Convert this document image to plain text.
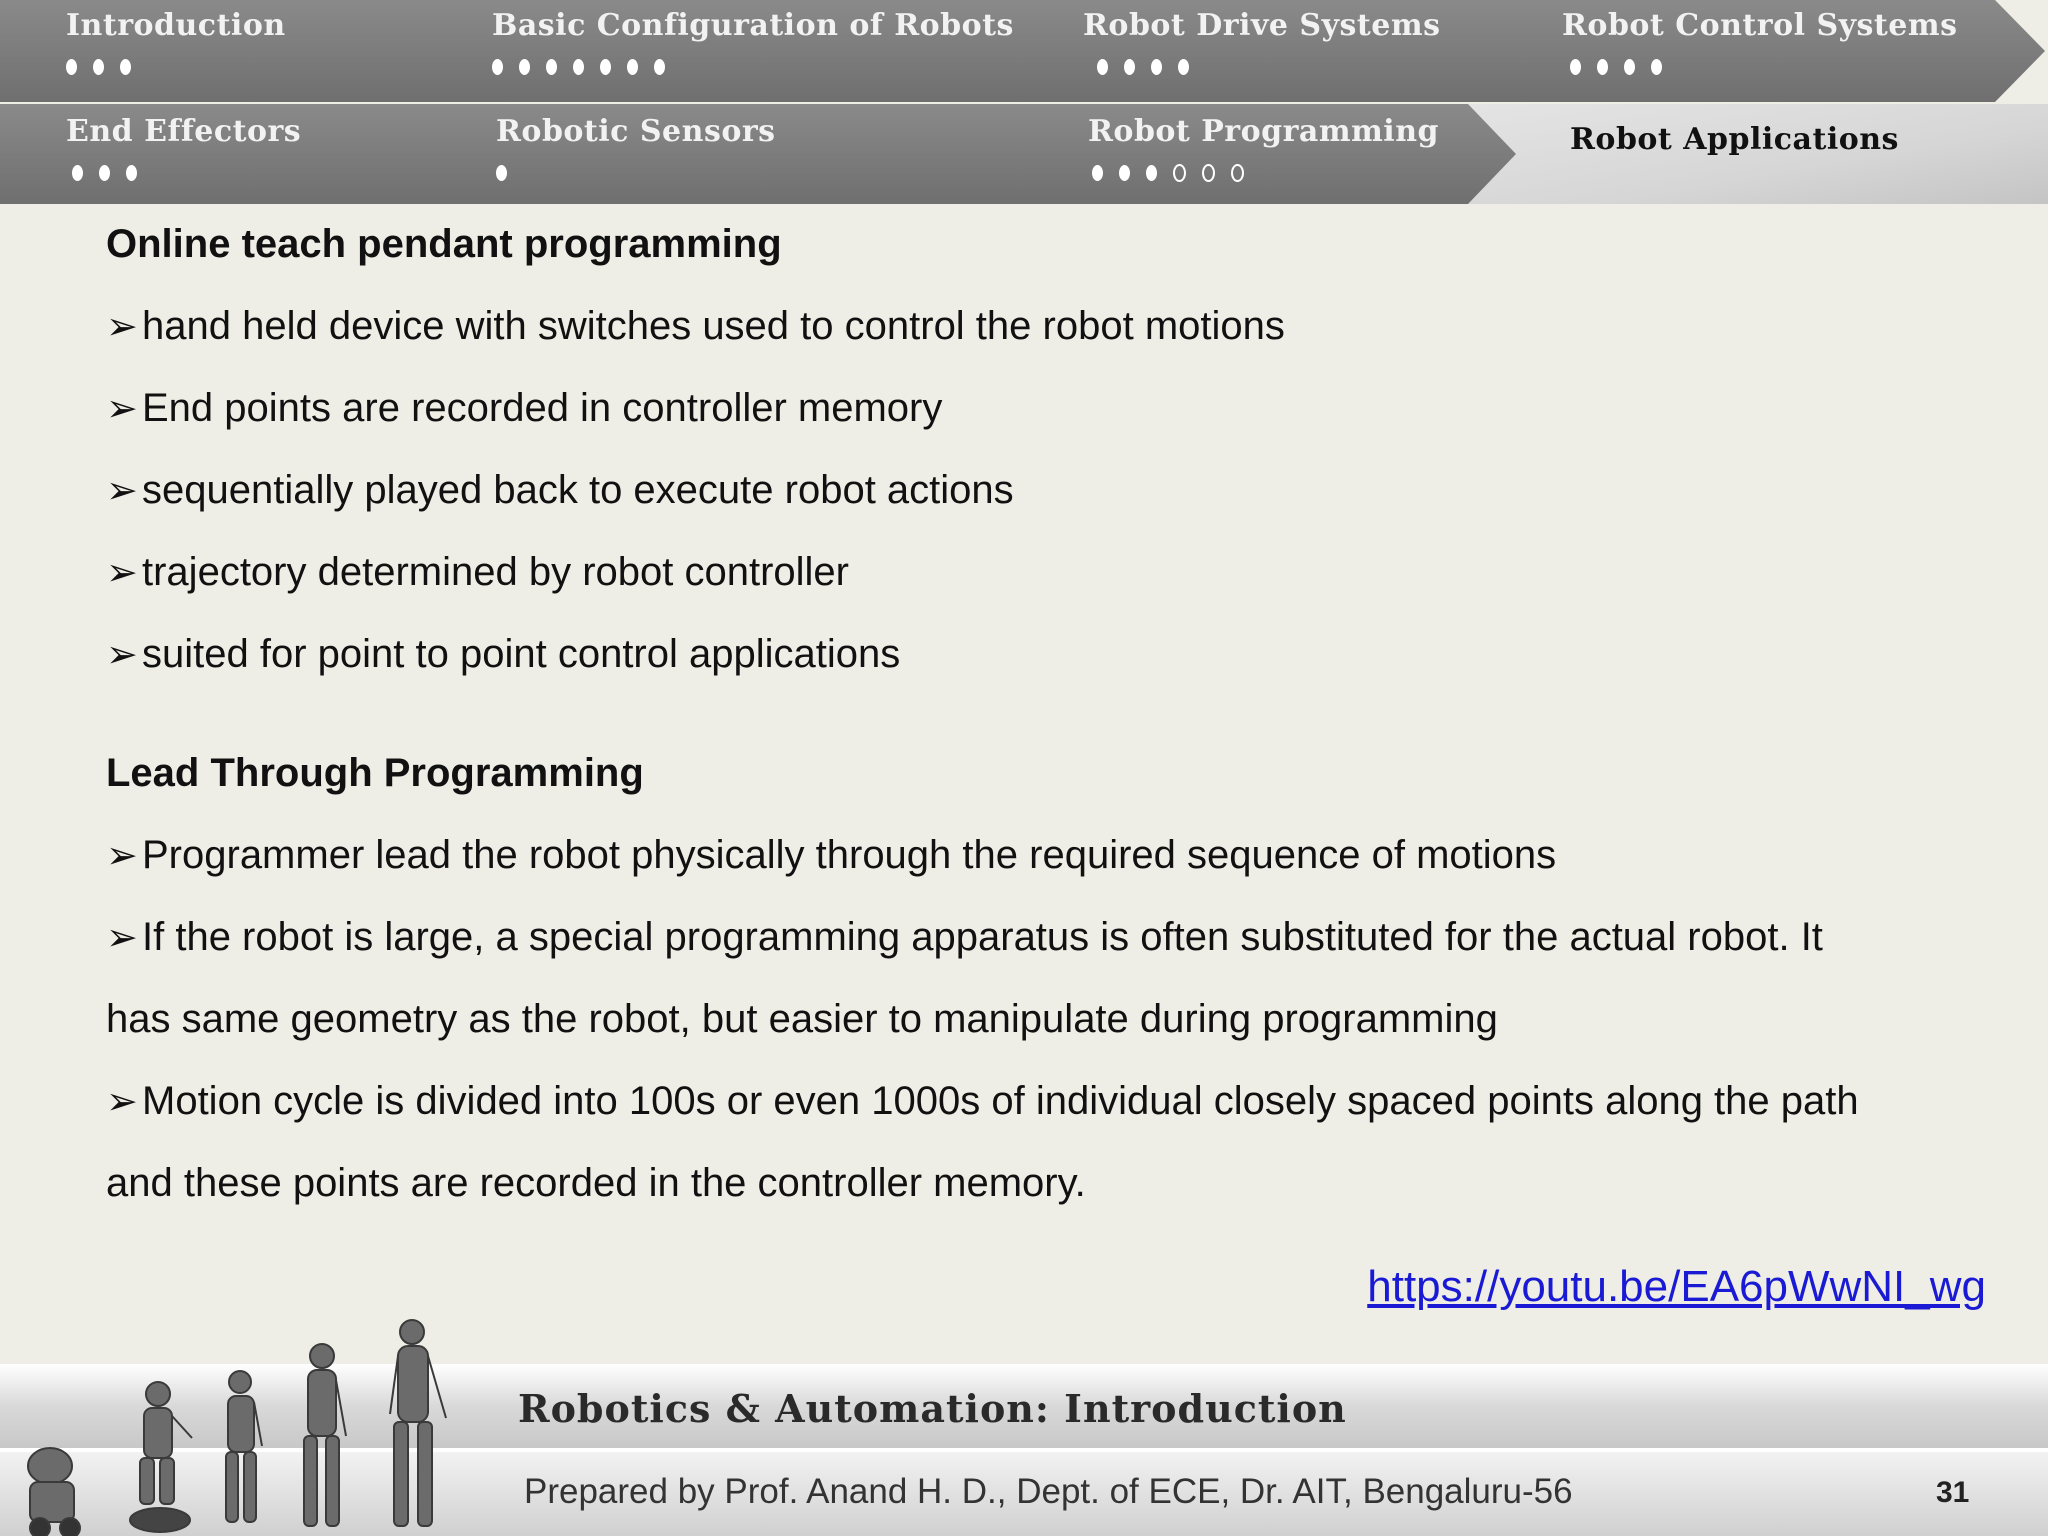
Introduction	Basic Configuration of Robots Robot Drive Systems	Robot Control Systems
End Effectors	Robotic Sensors	Robot Programming	Robot Applications
Online teach pendant programming
➢ hand held device with switches used to control the robot motions
➢ End points are recorded in controller memory
➢ sequentially played back to execute robot actions
➢ trajectory determined by robot controller
➢ suited for point to point control applications
Lead Through Programming
➢ Programmer lead the robot physically through the required sequence of motions
➢ If the robot is large, a special programming apparatus is often substituted for the actual robot. It
has same geometry as the robot, but easier to manipulate during programming
➢ Motion cycle is divided into 100s or even 1000s of individual closely spaced points along the path
and these points are recorded in the controller memory.
https://youtu.be/EA6pWwNI_wg
Robotics & Automation: Introduction
Prepared by Prof. Anand H. D., Dept. of ECE, Dr. AIT, Bengaluru-56	31
